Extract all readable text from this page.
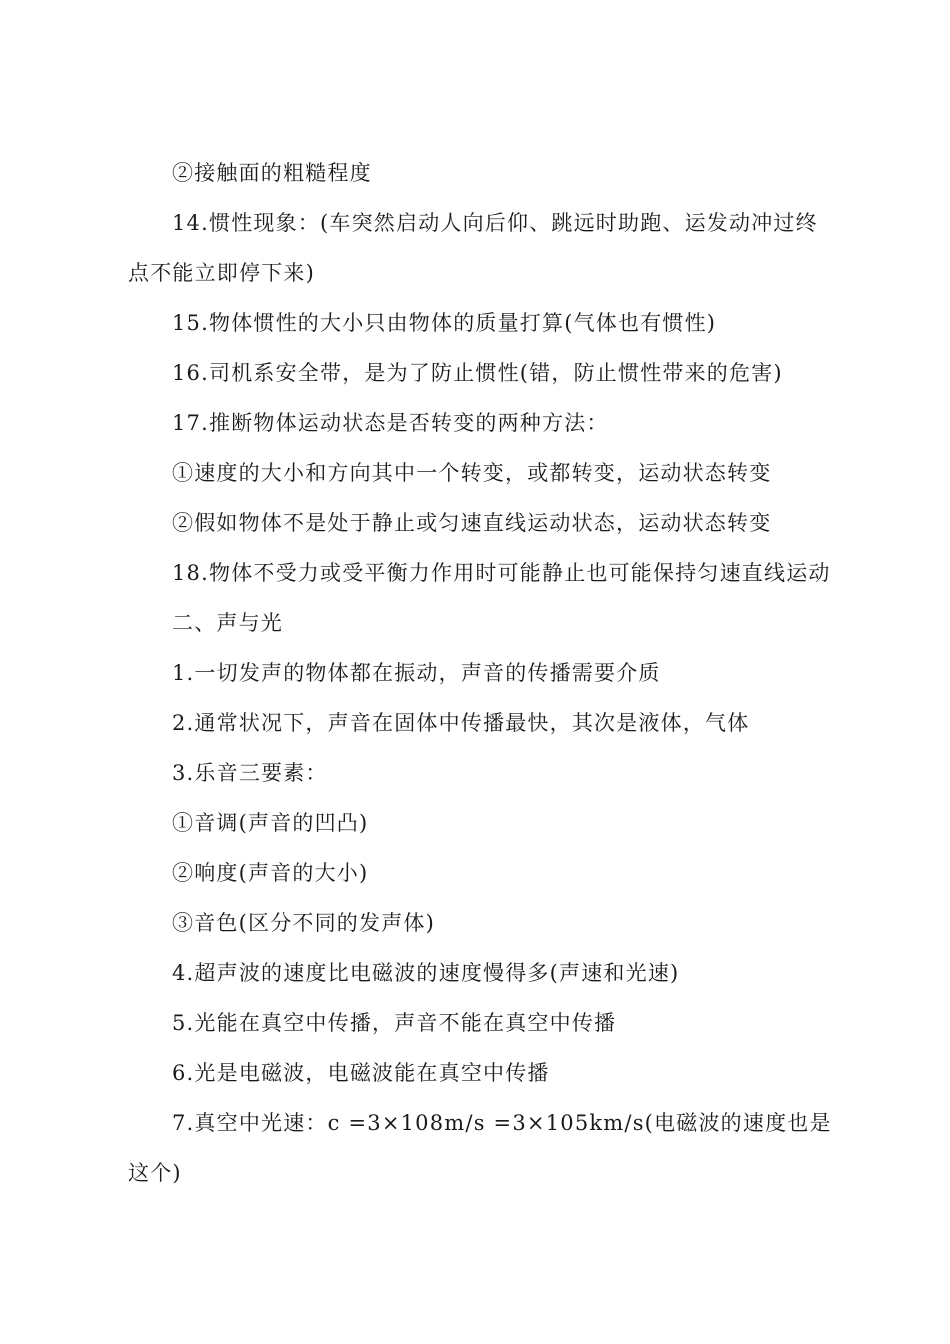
②接触面的粗糙程度

14.惯性现象：(车突然启动人向后仰、跳远时助跑、运发动冲过终点不能立即停下来)

15.物体惯性的大小只由物体的质量打算(气体也有惯性)

16.司机系安全带，是为了防止惯性(错，防止惯性带来的危害)

17.推断物体运动状态是否转变的两种方法：

①速度的大小和方向其中一个转变，或都转变，运动状态转变

②假如物体不是处于静止或匀速直线运动状态，运动状态转变

18.物体不受力或受平衡力作用时可能静止也可能保持匀速直线运动

二、声与光

1.一切发声的物体都在振动，声音的传播需要介质

2.通常状况下，声音在固体中传播最快，其次是液体，气体

3.乐音三要素：

①音调(声音的凹凸)

②响度(声音的大小)

③音色(区分不同的发声体)

4.超声波的速度比电磁波的速度慢得多(声速和光速)

5.光能在真空中传播，声音不能在真空中传播

6.光是电磁波，电磁波能在真空中传播

7.真空中光速：c =3×108m/s =3×105km/s(电磁波的速度也是这个)
